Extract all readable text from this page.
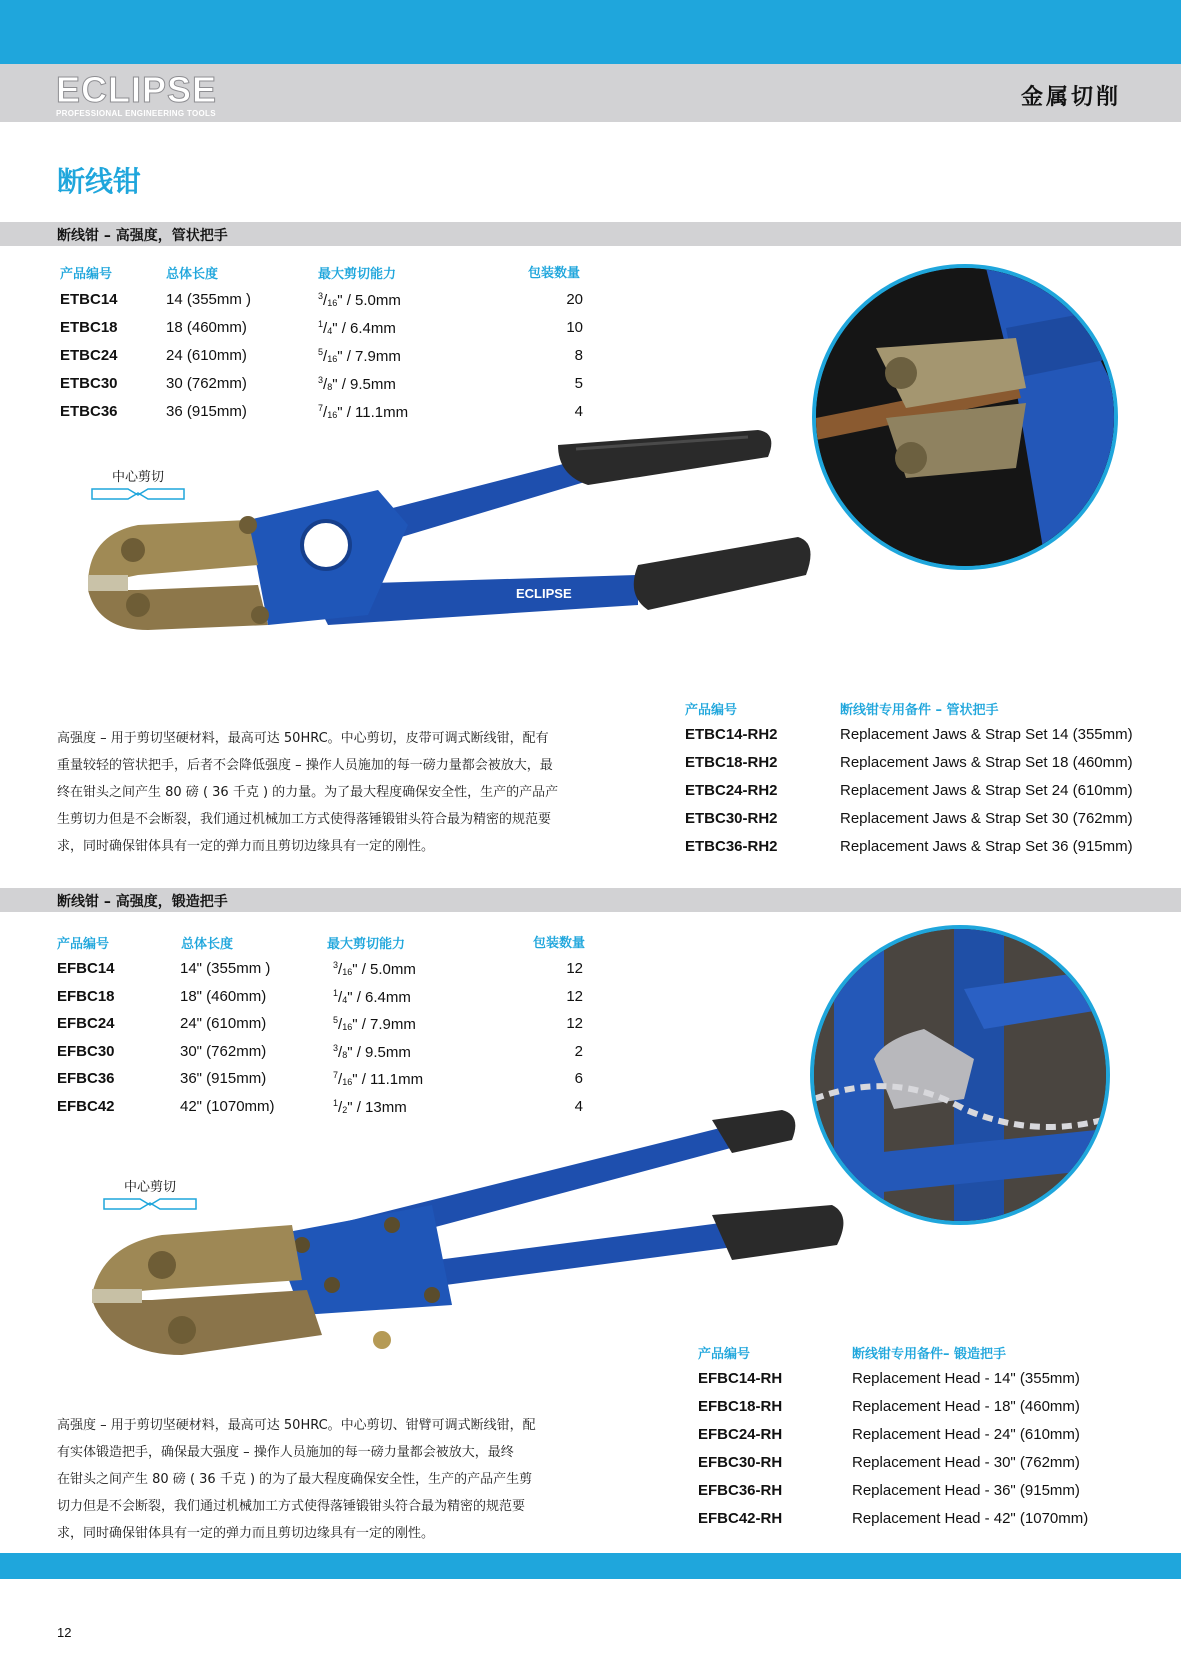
ECLIPSE
PROFESSIONAL ENGINEERING TOOLS
金属切削
断线钳
断线钳 – 高强度，管状把手
产品编号	总体长度	最大剪切能力	包装数量
ETBC14	14 (355mm )	$^3/_{16}$" / 5.0mm	20
ETBC18	18 (460mm)	$^1/_4$" / 6.4mm	10
ETBC24	24 (610mm)	$^5/_{16}$" / 7.9mm	8
ETBC30	30 (762mm)	$^3/_8$" / 9.5mm	5
ETBC36	36 (915mm)	$^7/_{16}$" / 11.1mm	4
中心剪切
ECLIPSE
高强度 – 用于剪切坚硬材料，最高可达 50HRC。中心剪切，皮带可调式断线钳，配有
重量较轻的管状把手，后者不会降低强度 – 操作人员施加的每一磅力量都会被放大，最
终在钳头之间产生 80 磅 ( 36 千克 ) 的力量。为了最大程度确保安全性，生产的产品产
生剪切力但是不会断裂，我们通过机械加工方式使得落锤锻钳头符合最为精密的规范要
求，同时确保钳体具有一定的弹力而且剪切边缘具有一定的刚性。
产品编号	断线钳专用备件 – 管状把手
ETBC14-RH2	Replacement Jaws & Strap Set 14 (355mm)
ETBC18-RH2	Replacement Jaws & Strap Set 18 (460mm)
ETBC24-RH2	Replacement Jaws & Strap Set 24 (610mm)
ETBC30-RH2	Replacement Jaws & Strap Set 30 (762mm)
ETBC36-RH2	Replacement Jaws & Strap Set 36 (915mm)
断线钳 – 高强度，锻造把手
产品编号	总体长度	最大剪切能力	包装数量
EFBC14	14" (355mm )	$^3/_{16}$" / 5.0mm	12
EFBC18	18" (460mm)	$^1/_4$" / 6.4mm	12
EFBC24	24" (610mm)	$^5/_{16}$" / 7.9mm	12
EFBC30	30" (762mm)	$^3/_8$" / 9.5mm	2
EFBC36	36" (915mm)	$^7/_{16}$" / 11.1mm	6
EFBC42	42" (1070mm)	$^1/_2$" / 13mm	4
中心剪切
高强度 – 用于剪切坚硬材料，最高可达 50HRC。中心剪切、钳臂可调式断线钳，配
有实体锻造把手，确保最大强度 – 操作人员施加的每一磅力量都会被放大，最终
在钳头之间产生 80 磅 ( 36 千克 ) 的为了最大程度确保安全性，生产的产品产生剪
切力但是不会断裂，我们通过机械加工方式使得落锤锻钳头符合最为精密的规范要
求，同时确保钳体具有一定的弹力而且剪切边缘具有一定的刚性。
产品编号	断线钳专用备件– 锻造把手
EFBC14-RH	Replacement Head - 14" (355mm)
EFBC18-RH	Replacement Head - 18" (460mm)
EFBC24-RH	Replacement Head - 24" (610mm)
EFBC30-RH	Replacement Head - 30" (762mm)
EFBC36-RH	Replacement Head - 36" (915mm)
EFBC42-RH	Replacement Head - 42" (1070mm)
12
